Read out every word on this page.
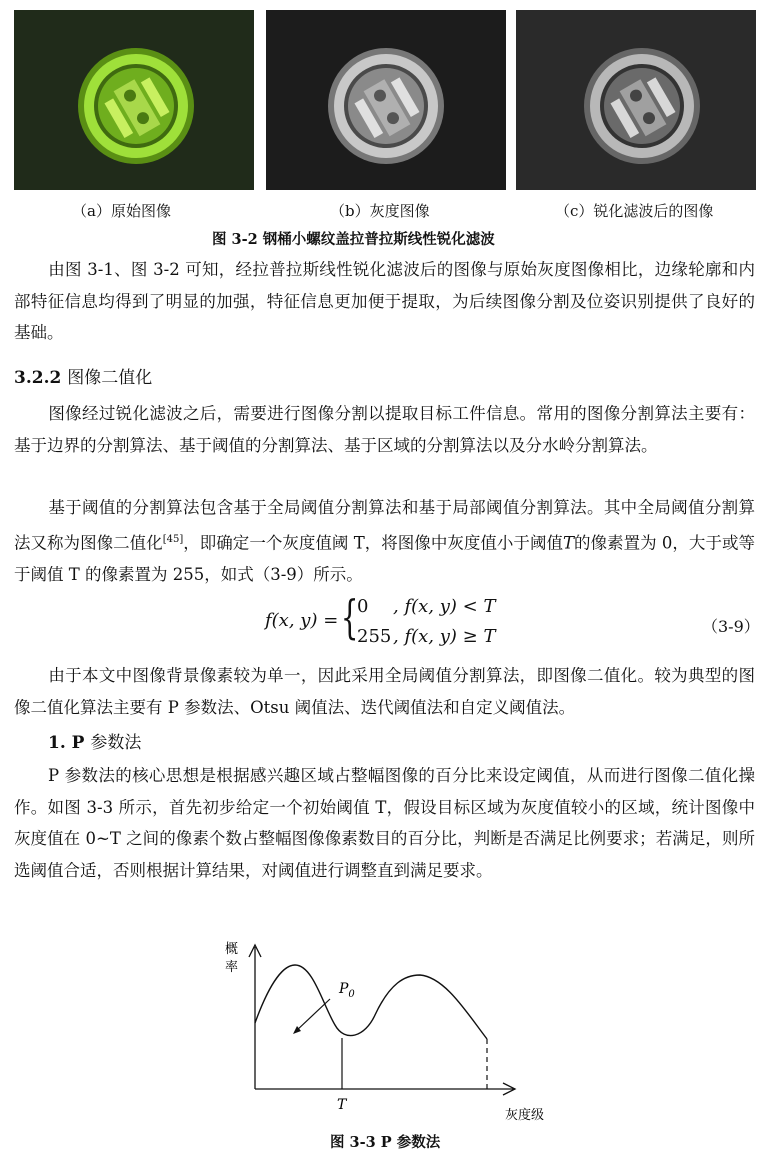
（a）原始图像	（b）灰度图像	（c）锐化滤波后的图像
图 3-2 钢桶小螺纹盖拉普拉斯线性锐化滤波
由图 3-1、图 3-2 可知，经拉普拉斯线性锐化滤波后的图像与原始灰度图像相比，边缘轮廓和内部特征信息均得到了明显的加强，特征信息更加便于提取，为后续图像分割及位姿识别提供了良好的基础。
3.2.2 图像二值化
图像经过锐化滤波之后，需要进行图像分割以提取目标工件信息。常用的图像分割算法主要有：基于边界的分割算法、基于阈值的分割算法、基于区域的分割算法以及分水岭分割算法。
基于阈值的分割算法包含基于全局阈值分割算法和基于局部阈值分割算法。其中全局阈值分割算法又称为图像二值化[45]，即确定一个灰度值阈 T，将图像中灰度值小于阈值T的像素置为 0，大于或等于阈值 T 的像素置为 255，如式（3-9）所示。
f(x, y) = {
0 , f(x, y) < T
255 , f(x, y) ≥ T	（3-9）
由于本文中图像背景像素较为单一，因此采用全局阈值分割算法，即图像二值化。较为典型的图像二值化算法主要有 P 参数法、Otsu 阈值法、迭代阈值法和自定义阈值法。
1. P 参数法
P 参数法的核心思想是根据感兴趣区域占整幅图像的百分比来设定阈值，从而进行图像二值化操作。如图 3-3 所示，首先初步给定一个初始阈值 T，假设目标区域为灰度值较小的区域，统计图像中灰度值在 0~T 之间的像素个数占整幅图像像素数目的百分比，判断是否满足比例要求；若满足，则所选阈值合适，否则根据计算结果，对阈值进行调整直到满足要求。
概
率
$P_0$
T
灰度级
图 3-3 P 参数法
